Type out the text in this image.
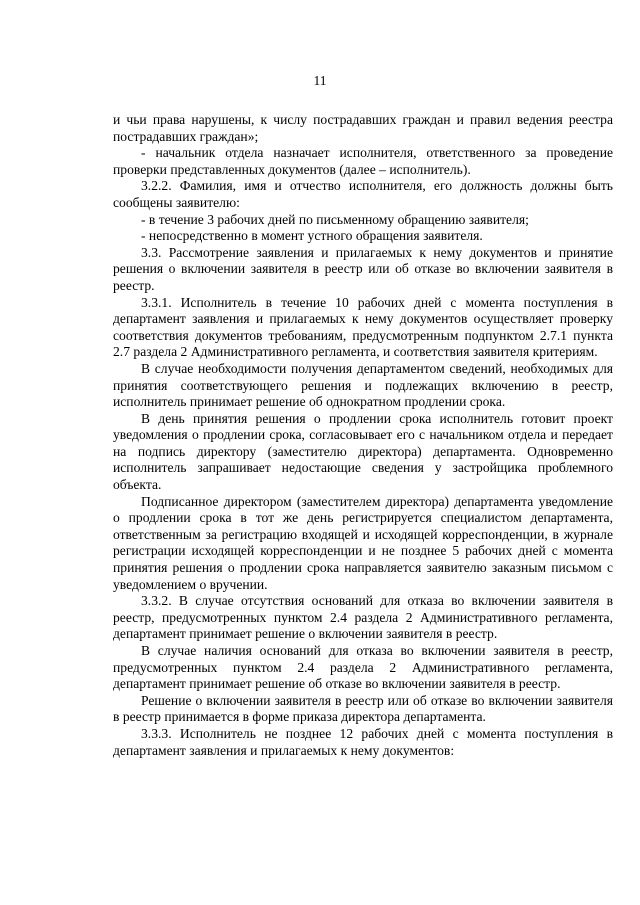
11

и чьи права нарушены, к числу пострадавших граждан и правил ведения реестра пострадавших граждан»;

- начальник отдела назначает исполнителя, ответственного за проведение проверки представленных документов (далее – исполнитель).

3.2.2. Фамилия, имя и отчество исполнителя, его должность должны быть сообщены заявителю:

- в течение 3 рабочих дней по письменному обращению заявителя;

- непосредственно в момент устного обращения заявителя.

3.3. Рассмотрение заявления и прилагаемых к нему документов и принятие решения о включении заявителя в реестр или об отказе во включении заявителя в реестр.

3.3.1. Исполнитель в течение 10 рабочих дней с момента поступления в департамент заявления и прилагаемых к нему документов осуществляет проверку соответствия документов требованиям, предусмотренным подпунктом 2.7.1 пункта 2.7 раздела 2 Административного регламента, и соответствия заявителя критериям.

В случае необходимости получения департаментом сведений, необходимых для принятия соответствующего решения и подлежащих включению в реестр, исполнитель принимает решение об однократном продлении срока.

В день принятия решения о продлении срока исполнитель готовит проект уведомления о продлении срока, согласовывает его с начальником отдела и передает на подпись директору (заместителю директора) департамента. Одновременно исполнитель запрашивает недостающие сведения у застройщика проблемного объекта.

Подписанное директором (заместителем директора) департамента уведомление о продлении срока в тот же день регистрируется специалистом департамента, ответственным за регистрацию входящей и исходящей корреспонденции, в журнале регистрации исходящей корреспонденции и не позднее 5 рабочих дней с момента принятия решения о продлении срока направляется заявителю заказным письмом с уведомлением о вручении.

3.3.2. В случае отсутствия оснований для отказа во включении заявителя в реестр, предусмотренных пунктом 2.4 раздела 2 Административного регламента, департамент принимает решение о включении заявителя в реестр.

В случае наличия оснований для отказа во включении заявителя в реестр, предусмотренных пунктом 2.4 раздела 2 Административного регламента, департамент принимает решение об отказе во включении заявителя в реестр.

Решение о включении заявителя в реестр или об отказе во включении заявителя в реестр принимается в форме приказа директора департамента.

3.3.3. Исполнитель не позднее 12 рабочих дней с момента поступления в департамент заявления и прилагаемых к нему документов:
